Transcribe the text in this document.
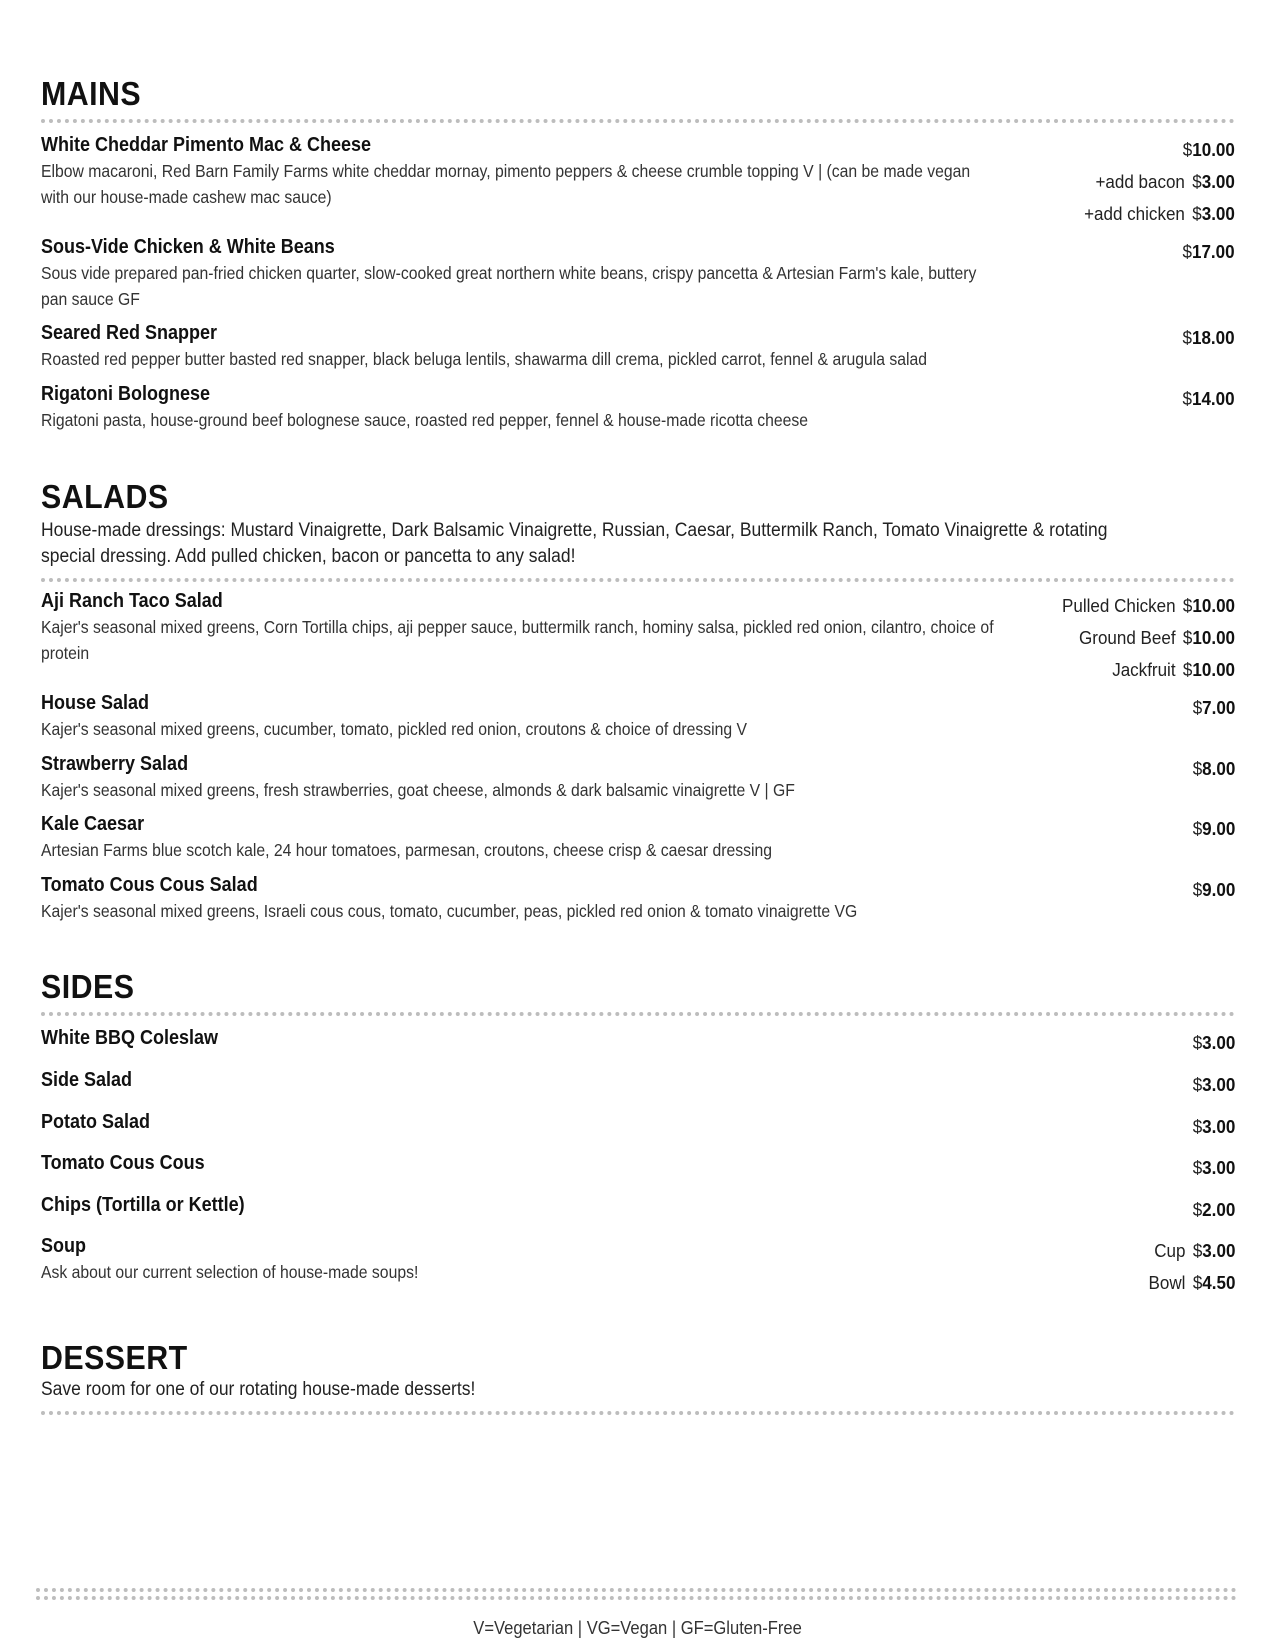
MAINS
White Cheddar Pimento Mac & Cheese
Elbow macaroni, Red Barn Family Farms white cheddar mornay, pimento peppers & cheese crumble topping V | (can be made vegan with our house-made cashew mac sauce)
$10.00
+add bacon $3.00
+add chicken $3.00
Sous-Vide Chicken & White Beans
Sous vide prepared pan-fried chicken quarter, slow-cooked great northern white beans, crispy pancetta & Artesian Farm's kale, buttery pan sauce GF
$17.00
Seared Red Snapper
Roasted red pepper butter basted red snapper, black beluga lentils, shawarma dill crema, pickled carrot, fennel & arugula salad
$18.00
Rigatoni Bolognese
Rigatoni pasta, house-ground beef bolognese sauce, roasted red pepper, fennel & house-made ricotta cheese
$14.00
SALADS
House-made dressings: Mustard Vinaigrette, Dark Balsamic Vinaigrette, Russian, Caesar, Buttermilk Ranch, Tomato Vinaigrette & rotating special dressing. Add pulled chicken, bacon or pancetta to any salad!
Aji Ranch Taco Salad
Kajer's seasonal mixed greens, Corn Tortilla chips, aji pepper sauce, buttermilk ranch, hominy salsa, pickled red onion, cilantro, choice of protein
Pulled Chicken $10.00
Ground Beef $10.00
Jackfruit $10.00
House Salad
Kajer's seasonal mixed greens, cucumber, tomato, pickled red onion, croutons & choice of dressing V
$7.00
Strawberry Salad
Kajer's seasonal mixed greens, fresh strawberries, goat cheese, almonds & dark balsamic vinaigrette V | GF
$8.00
Kale Caesar
Artesian Farms blue scotch kale, 24 hour tomatoes, parmesan, croutons, cheese crisp & caesar dressing
$9.00
Tomato Cous Cous Salad
Kajer's seasonal mixed greens, Israeli cous cous, tomato, cucumber, peas, pickled red onion & tomato vinaigrette VG
$9.00
SIDES
White BBQ Coleslaw	$3.00
Side Salad	$3.00
Potato Salad	$3.00
Tomato Cous Cous	$3.00
Chips (Tortilla or Kettle)	$2.00
Soup
Ask about our current selection of house-made soups!
Cup $3.00
Bowl $4.50
DESSERT
Save room for one of our rotating house-made desserts!
V=Vegetarian | VG=Vegan | GF=Gluten-Free
